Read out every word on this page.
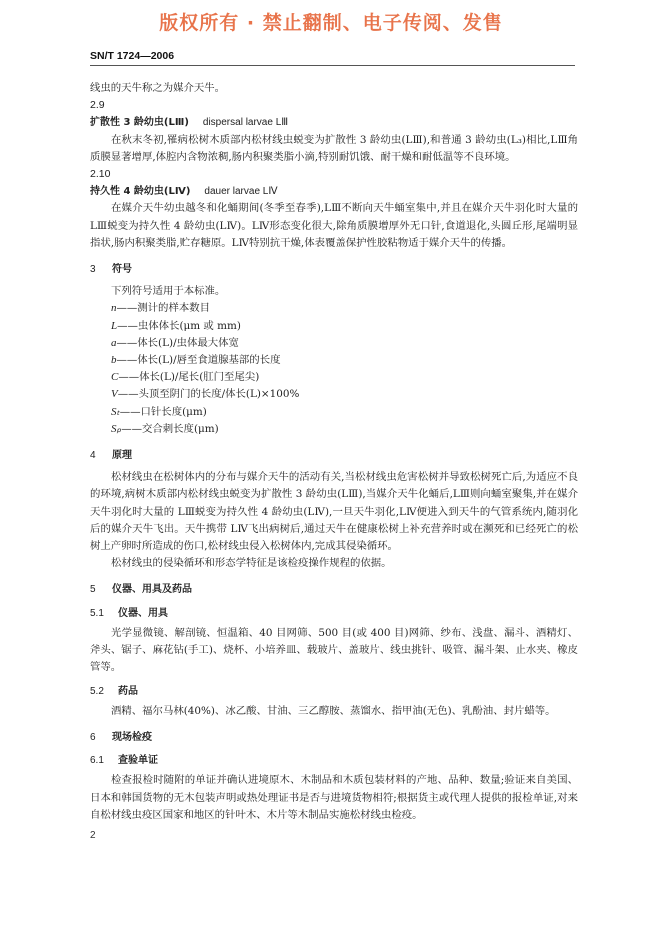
版权所有 · 禁止翻制、电子传阅、发售
SN/T 1724—2006

线虫的天牛称之为媒介天牛。

2.9

扩散性 3 龄幼虫(LⅢ) dispersal larvae LⅢ

在秋末冬初,罹病松树木质部内松材线虫蜕变为扩散性 3 龄幼虫(LⅢ),和普通 3 龄幼虫(L₃)相比,LⅢ角质膜显著增厚,体腔内含物浓稠,肠内积聚类脂小滴,特别耐饥饿、耐干燥和耐低温等不良环境。

2.10

持久性 4 龄幼虫(LⅣ) dauer larvae LⅣ

在媒介天牛幼虫越冬和化蛹期间(冬季至春季),LⅢ不断向天牛蛹室集中,并且在媒介天牛羽化时大量的 LⅢ蜕变为持久性 4 龄幼虫(LⅣ)。LⅣ形态变化很大,除角质膜增厚外无口针,食道退化,头圆丘形,尾端明显指状,肠内积聚类脂,贮存糖原。LⅣ特别抗干燥,体表覆盖保护性胶粘物适于媒介天牛的传播。

3 符号

下列符号适用于本标准。

n——测计的样本数目

L——虫体体长(μm 或 mm)

a——体长(L)/虫体最大体宽

b——体长(L)/唇至食道腺基部的长度

C——体长(L)/尾长(肛门至尾尖)

V——头顶至阴门的长度/体长(L)×100%

Sₜ——口针长度(μm)

Sₚ——交合刺长度(μm)

4 原理

松材线虫在松树体内的分布与媒介天牛的活动有关,当松材线虫危害松树并导致松树死亡后,为适应不良的环境,病树木质部内松材线虫蜕变为扩散性 3 龄幼虫(LⅢ),当媒介天牛化蛹后,LⅢ则向蛹室聚集,并在媒介天牛羽化时大量的 LⅢ蜕变为持久性 4 龄幼虫(LⅣ),一旦天牛羽化,LⅣ便进入到天牛的气管系统内,随羽化后的媒介天牛飞出。天牛携带 LⅣ飞出病树后,通过天牛在健康松树上补充营养时或在濒死和已经死亡的松树上产卵时所造成的伤口,松材线虫侵入松树体内,完成其侵染循环。

松材线虫的侵染循环和形态学特征是该检疫操作规程的依据。

5 仪器、用具及药品

5.1 仪器、用具

光学显微镜、解剖镜、恒温箱、40 目网筛、500 目(或 400 目)网筛、纱布、浅盘、漏斗、酒精灯、斧头、锯子、麻花钻(手工)、烧杯、小培养皿、载玻片、盖玻片、线虫挑针、吸管、漏斗架、止水夹、橡皮管等。

5.2 药品

酒精、福尔马林(40%)、冰乙酸、甘油、三乙醇胺、蒸馏水、指甲油(无色)、乳酚油、封片蜡等。

6 现场检疫

6.1 查验单证

检查报检时随附的单证并确认进境原木、木制品和木质包装材料的产地、品种、数量;验证来自美国、日本和韩国货物的无木包装声明或热处理证书是否与进境货物相符;根据货主或代理人提供的报检单证,对来自松材线虫疫区国家和地区的针叶木、木片等木制品实施松材线虫检疫。

2
